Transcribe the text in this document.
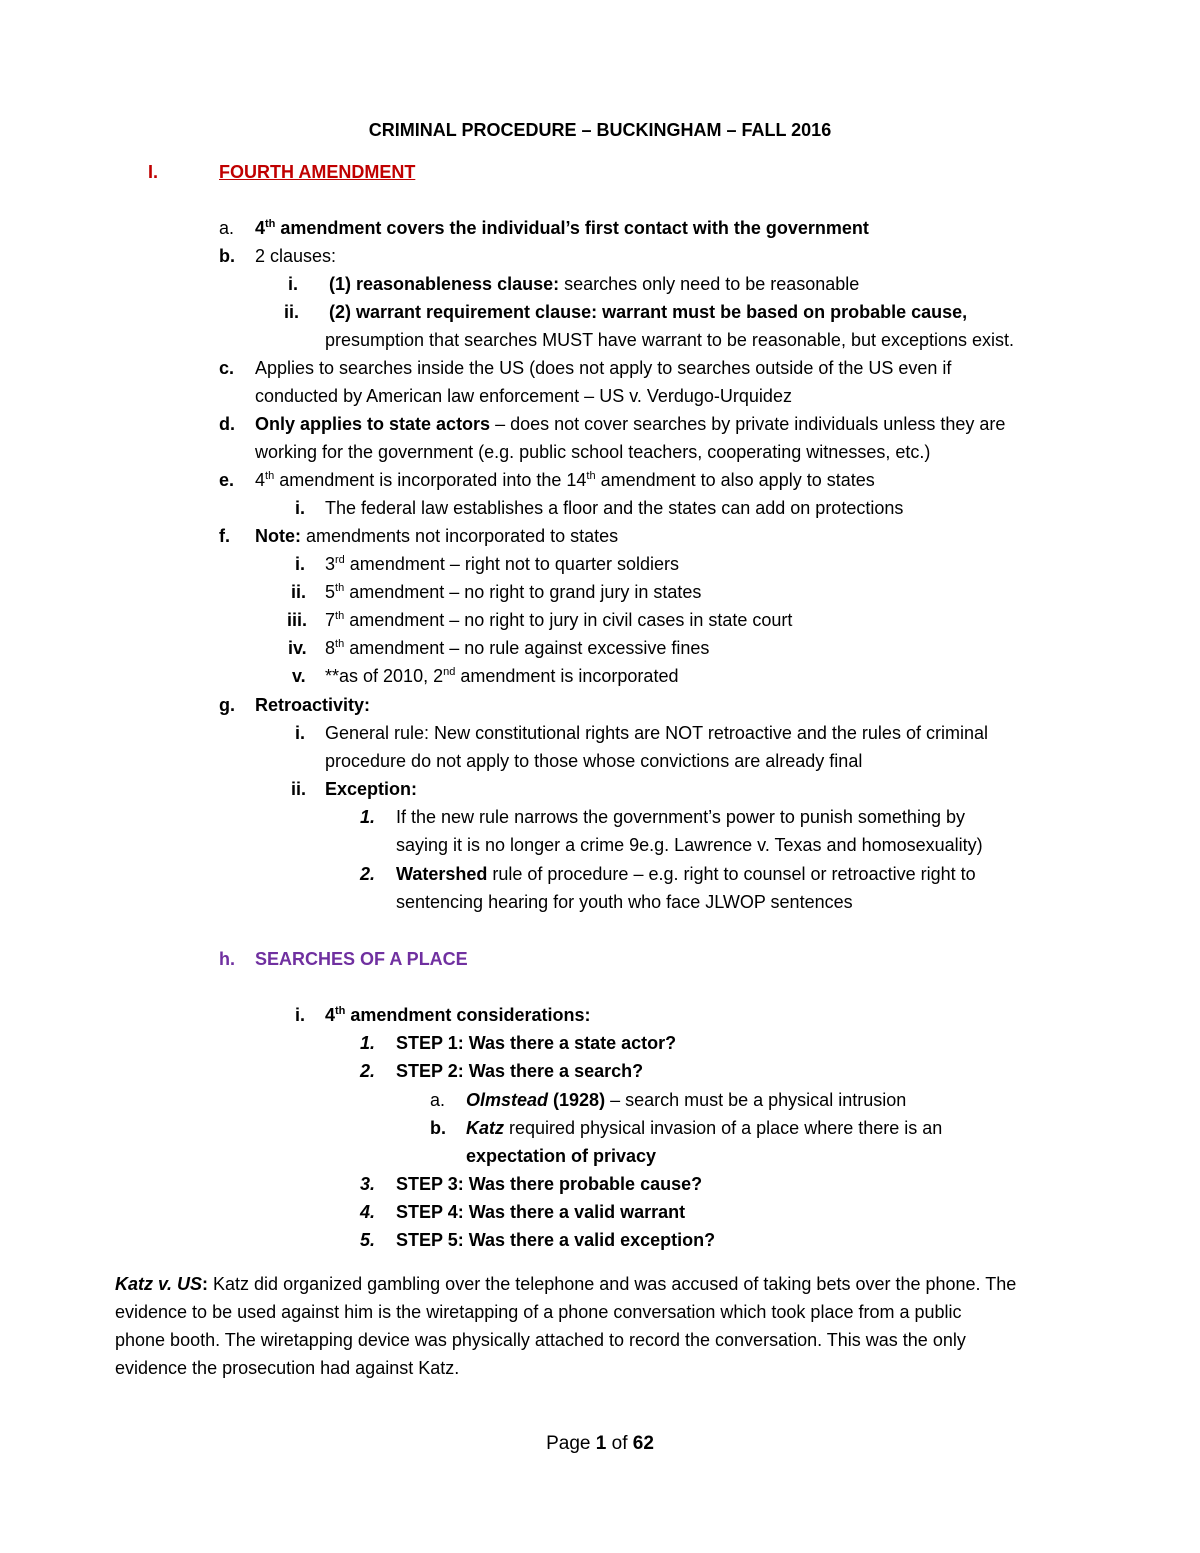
CRIMINAL PROCEDURE – BUCKINGHAM – FALL 2016
I.	FOURTH AMENDMENT
a. 4th amendment covers the individual’s first contact with the government
b. 2 clauses:
i. (1) reasonableness clause: searches only need to be reasonable
ii. (2) warrant requirement clause: warrant must be based on probable cause,
presumption that searches MUST have warrant to be reasonable, but exceptions exist.
c. Applies to searches inside the US (does not apply to searches outside of the US even if
conducted by American law enforcement – US v. Verdugo-Urquidez
d. Only applies to state actors – does not cover searches by private individuals unless they are
working for the government (e.g. public school teachers, cooperating witnesses, etc.)
e. 4th amendment is incorporated into the 14th amendment to also apply to states
i. The federal law establishes a floor and the states can add on protections
f. Note: amendments not incorporated to states
i. 3rd amendment – right not to quarter soldiers
ii. 5th amendment – no right to grand jury in states
iii. 7th amendment – no right to jury in civil cases in state court
iv. 8th amendment – no rule against excessive fines
v. **as of 2010, 2nd amendment is incorporated
g. Retroactivity:
i. General rule: New constitutional rights are NOT retroactive and the rules of criminal
procedure do not apply to those whose convictions are already final
ii. Exception:
1. If the new rule narrows the government’s power to punish something by
saying it is no longer a crime 9e.g. Lawrence v. Texas and homosexuality)
2. Watershed rule of procedure – e.g. right to counsel or retroactive right to
sentencing hearing for youth who face JLWOP sentences
h. SEARCHES OF A PLACE
i. 4th amendment considerations:
1. STEP 1: Was there a state actor?
2. STEP 2: Was there a search?
a. Olmstead (1928) – search must be a physical intrusion
b. Katz required physical invasion of a place where there is an
expectation of privacy
3. STEP 3: Was there probable cause?
4. STEP 4: Was there a valid warrant
5. STEP 5: Was there a valid exception?
Katz v. US: Katz did organized gambling over the telephone and was accused of taking bets over the phone. The
evidence to be used against him is the wiretapping of a phone conversation which took place from a public
phone booth. The wiretapping device was physically attached to record the conversation. This was the only
evidence the prosecution had against Katz.
Page 1 of 62
